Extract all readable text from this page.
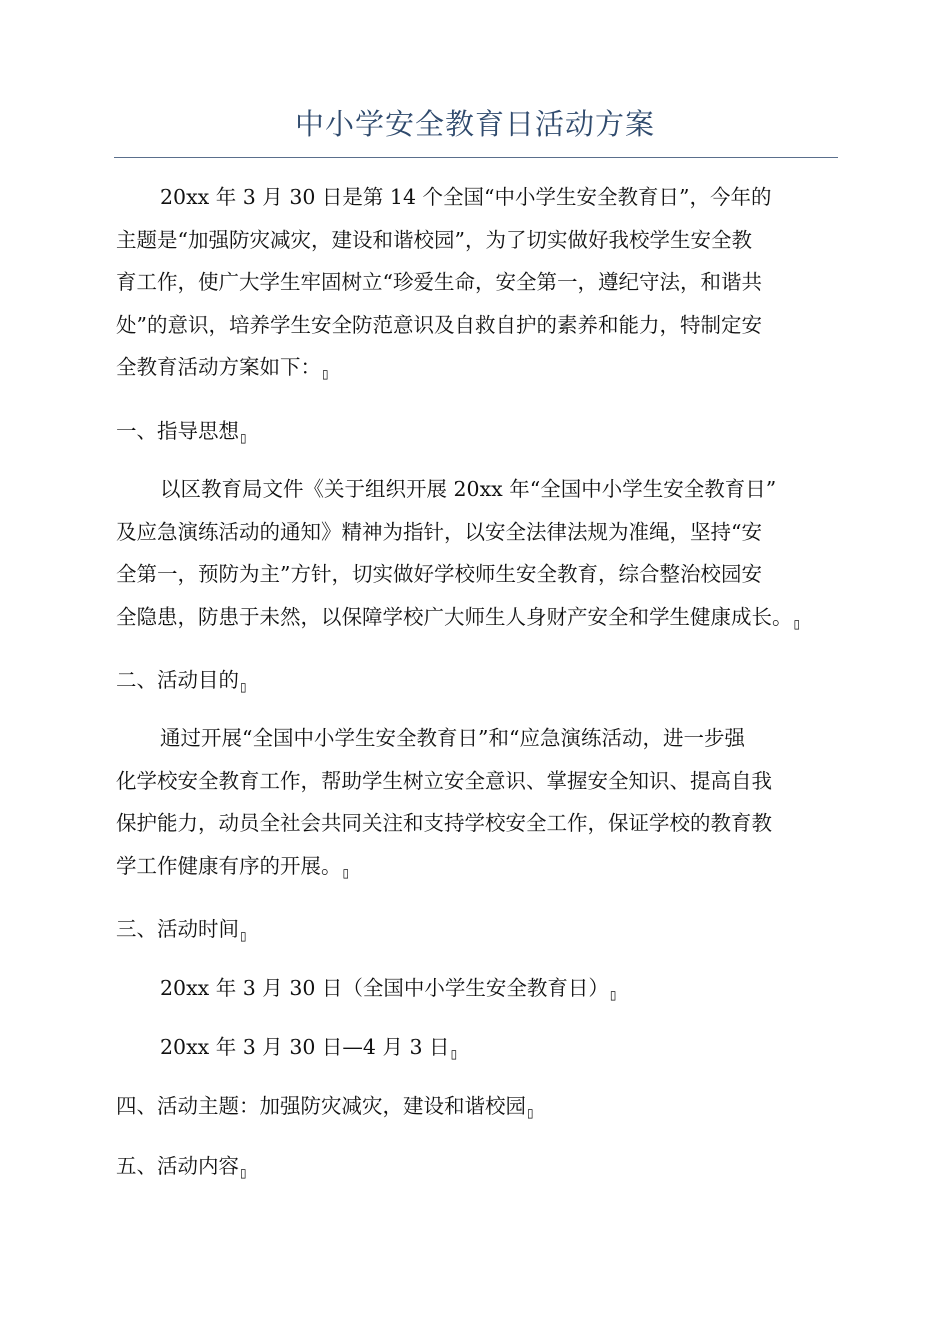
中小学安全教育日活动方案
20xx 年 3 月 30 日是第 14 个全国“中小学生安全教育日”，今年的
主题是“加强防灾减灾，建设和谐校园”，为了切实做好我校学生安全教
育工作，使广大学生牢固树立“珍爱生命，安全第一，遵纪守法，和谐共
处”的意识，培养学生安全防范意识及自救自护的素养和能力，特制定安
全教育活动方案如下：▯
一、指导思想▯
以区教育局文件《关于组织开展 20xx 年“全国中小学生安全教育日”
及应急演练活动的通知》精神为指针，以安全法律法规为准绳，坚持“安
全第一，预防为主”方针，切实做好学校师生安全教育，综合整治校园安
全隐患，防患于未然，以保障学校广大师生人身财产安全和学生健康成长。▯
二、活动目的▯
通过开展“全国中小学生安全教育日”和“应急演练活动，进一步强
化学校安全教育工作，帮助学生树立安全意识、掌握安全知识、提高自我
保护能力，动员全社会共同关注和支持学校安全工作，保证学校的教育教
学工作健康有序的开展。▯
三、活动时间▯
20xx 年 3 月 30 日（全国中小学生安全教育日）▯
20xx 年 3 月 30 日—4 月 3 日▯
四、活动主题：加强防灾减灾，建设和谐校园▯
五、活动内容▯
